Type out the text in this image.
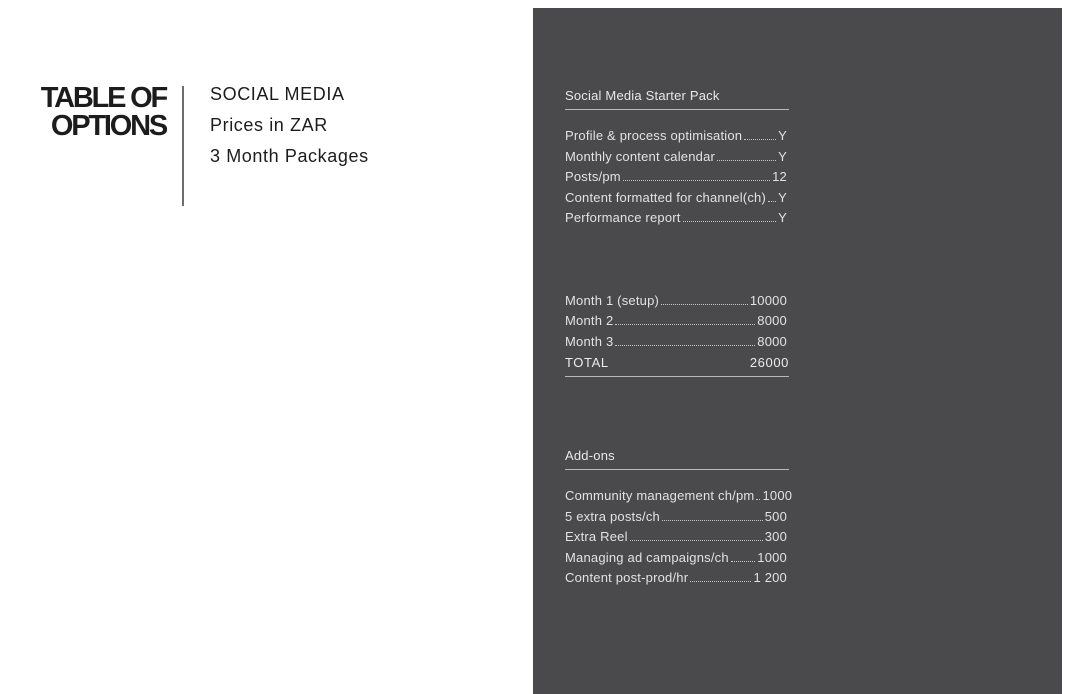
TABLE OF
OPTIONS
SOCIAL MEDIA
Prices in ZAR
3 Month Packages
Social Media Starter Pack
Profile & process optimisation	Y
Monthly content calendar	Y
Posts/pm	12
Content formatted for channel(ch) Y
Performance report	Y
Month 1 (setup)	10000
Month 2	8000
Month 3	8000
TOTAL	26000
Add-ons
Community management ch/pm 1000
5 extra posts/ch	500
Extra Reel	300
Managing ad campaigns/ch 1000
Content post-prod/hr	1 200
